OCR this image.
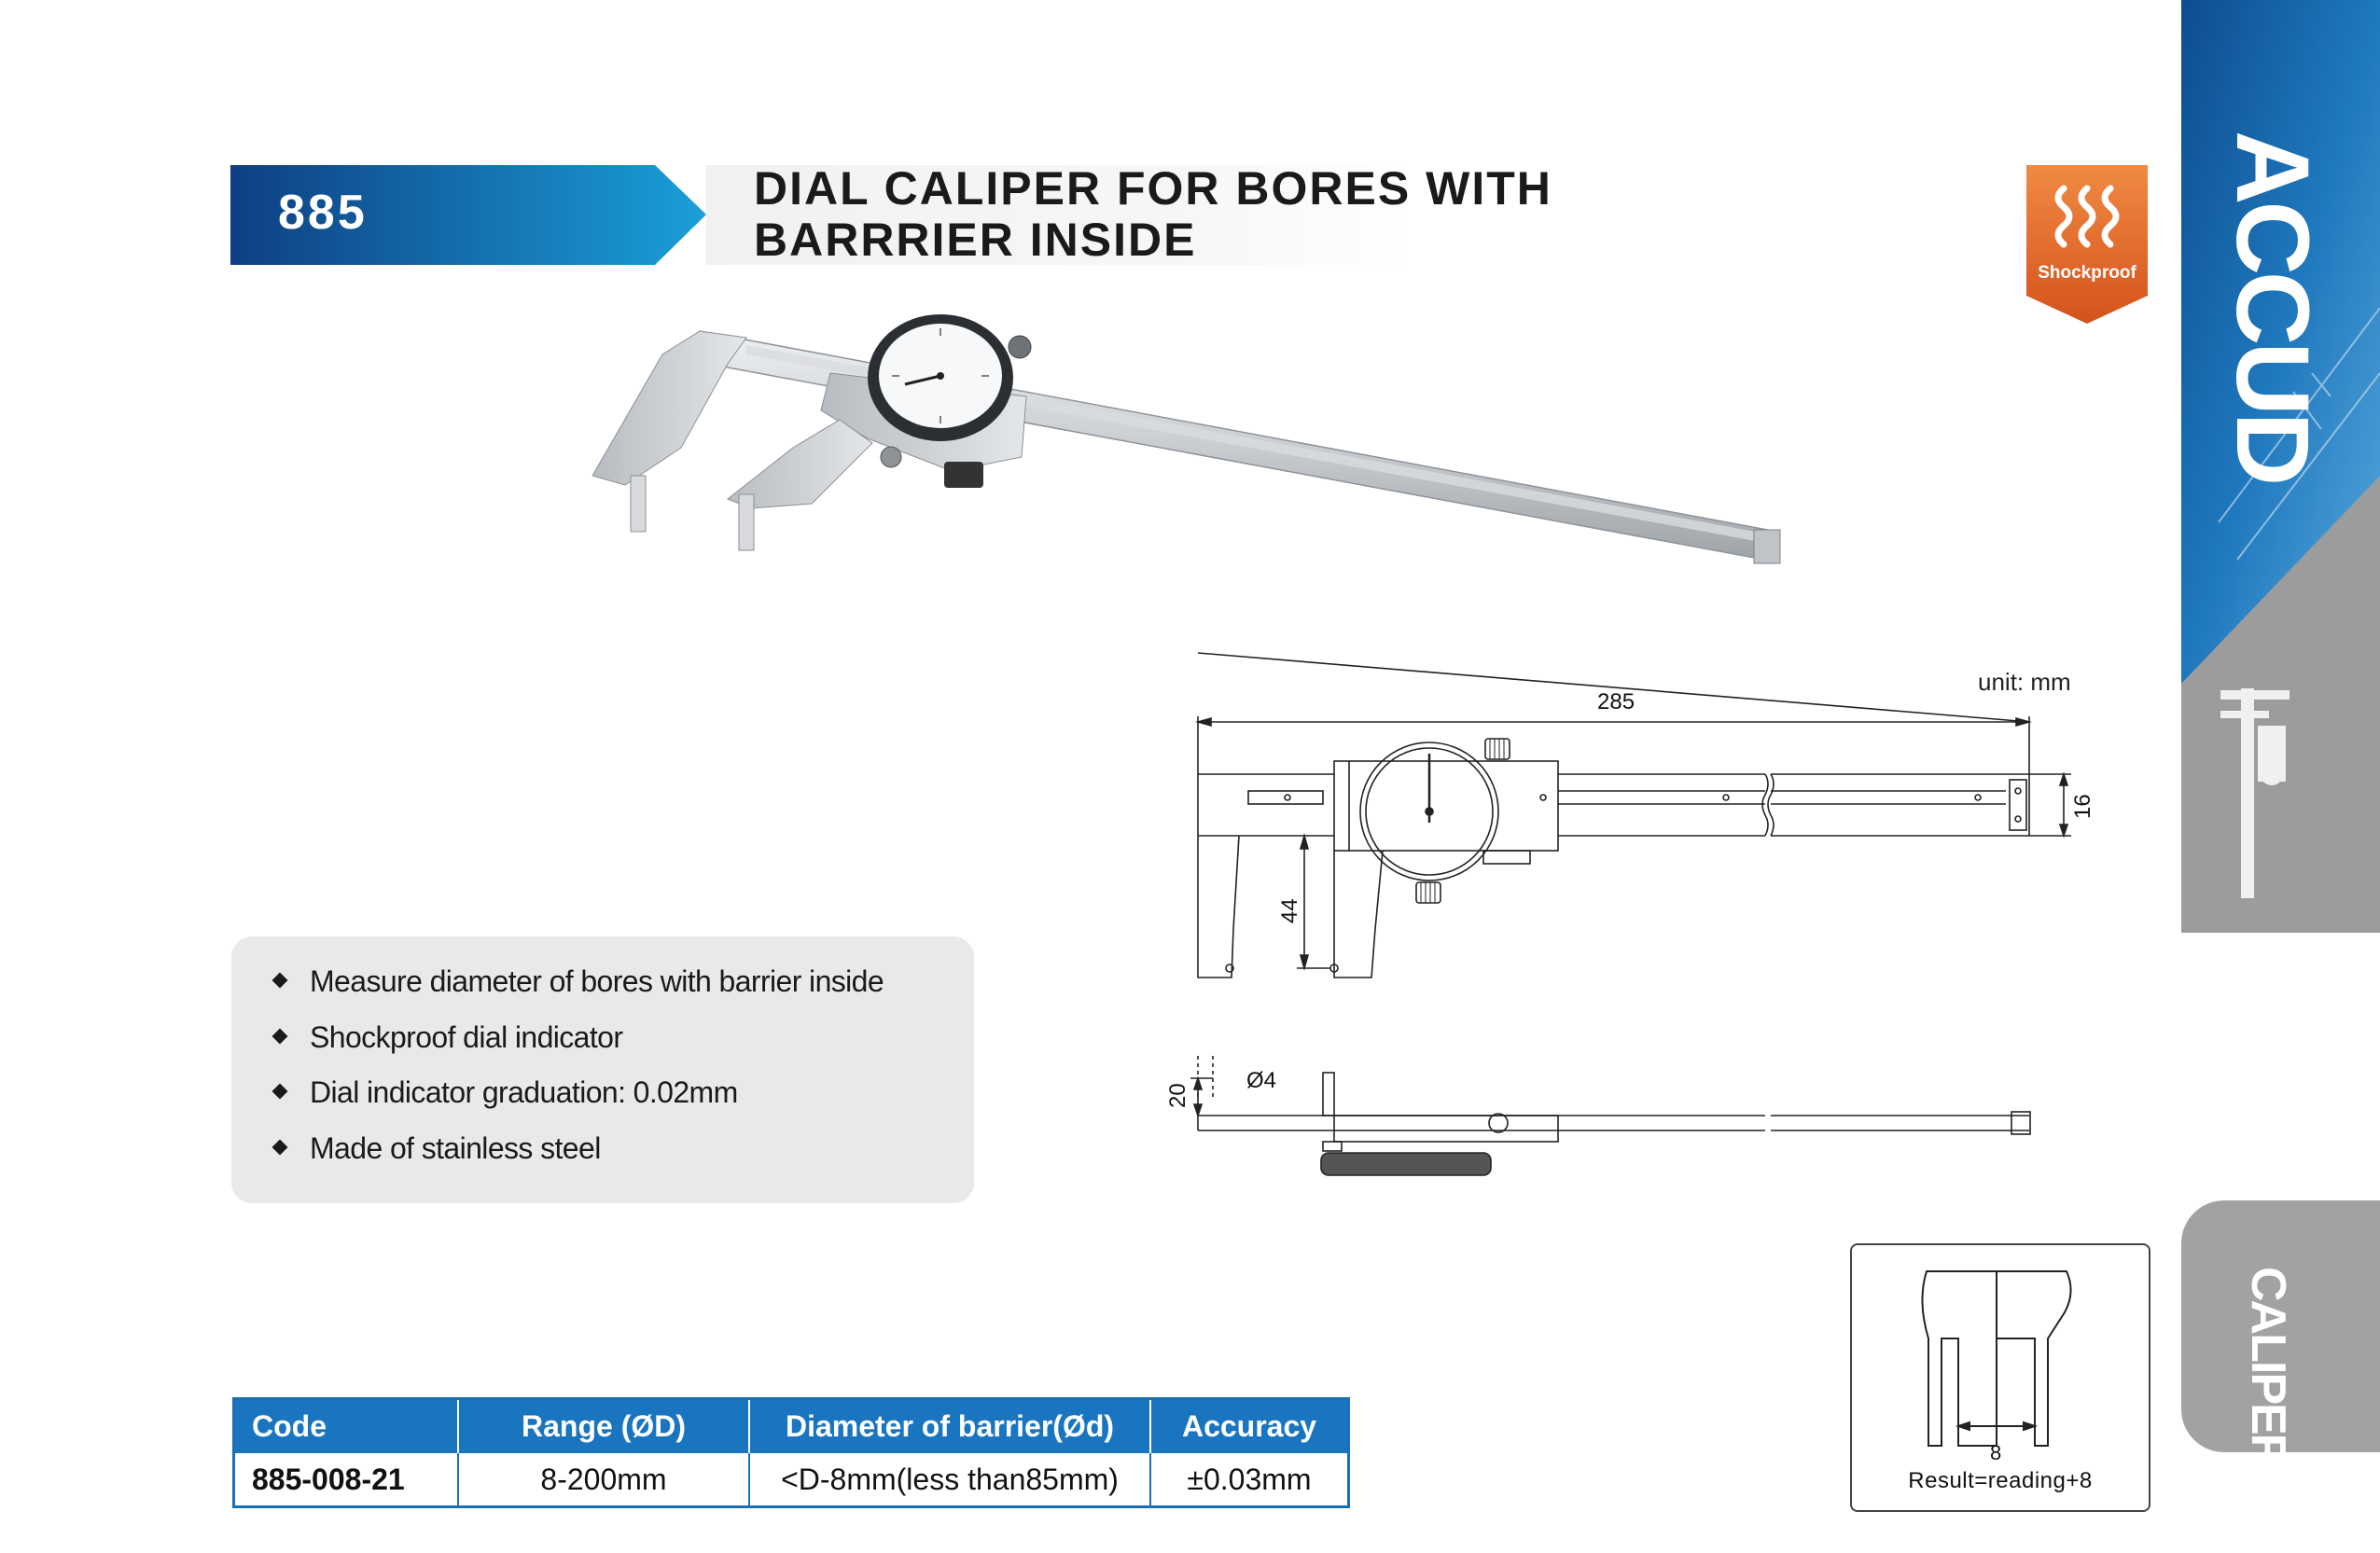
885	DIAL CALIPER FOR BORES WITH
BARRRIER INSIDE
Shockproof ACCUD
CALIPER
285
16
44
20
Ø4
unit: mm
Measure diameter of bores with barrier inside
Shockproof dial indicator
Dial indicator graduation: 0.02mm
Made of stainless steel
Code	Range (ØD)	Diameter of barrier(Ød)	Accuracy
885-008-21	8-200mm	<D-8mm(less than85mm)	±0.03mm
8
Result=reading+8
